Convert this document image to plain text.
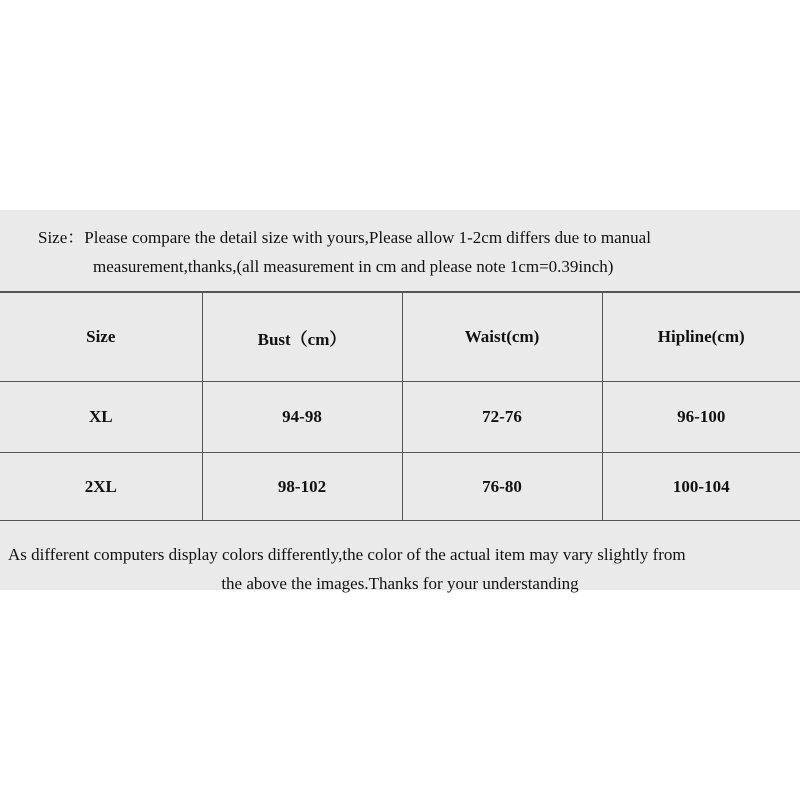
Size：Please compare the detail size with yours,Please allow 1-2cm differs due to manual
measurement,thanks,(all measurement in cm and please note 1cm=0.39inch)
Size	Bust（cm）	Waist(cm)	Hipline(cm)
XL	94-98	72-76	96-100
2XL	98-102	76-80	100-104
As different computers display colors differently,the color of the actual item may vary slightly from
the above the images.Thanks for your understanding
